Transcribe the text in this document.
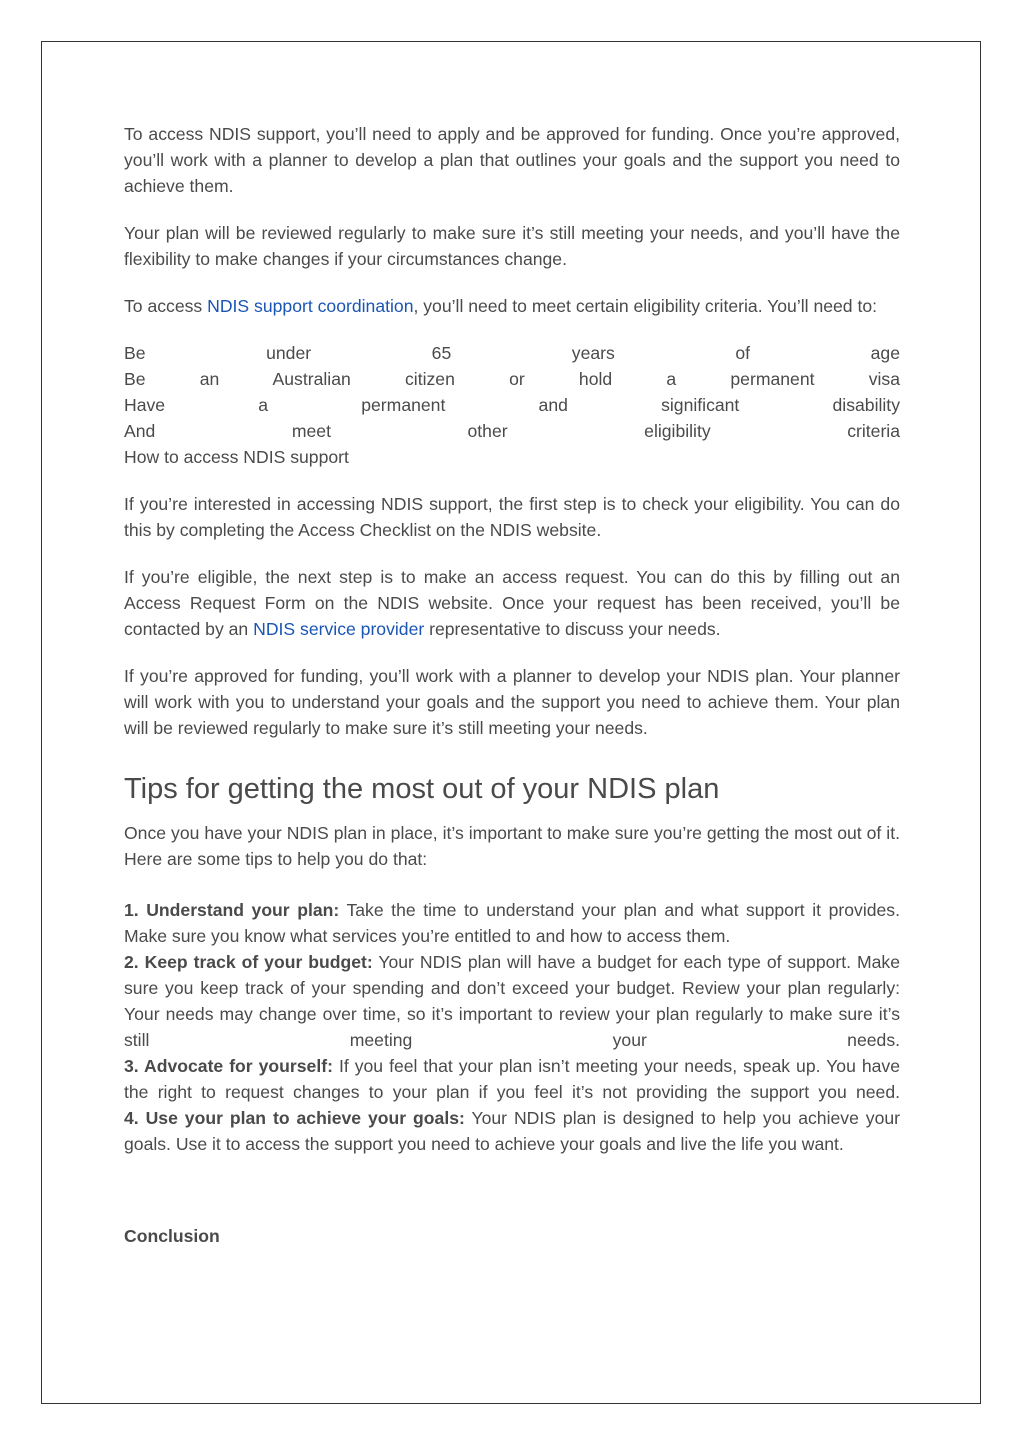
To access NDIS support, you’ll need to apply and be approved for funding. Once you’re approved, you’ll work with a planner to develop a plan that outlines your goals and the support you need to achieve them.

Your plan will be reviewed regularly to make sure it’s still meeting your needs, and you’ll have the flexibility to make changes if your circumstances change.

To access NDIS support coordination, you’ll need to meet certain eligibility criteria. You’ll need to:

Be under 65 years of age
Be an Australian citizen or hold a permanent visa
Have a permanent and significant disability
And meet other eligibility criteria
How to access NDIS support

If you’re interested in accessing NDIS support, the first step is to check your eligibility. You can do this by completing the Access Checklist on the NDIS website.

If you’re eligible, the next step is to make an access request. You can do this by filling out an Access Request Form on the NDIS website. Once your request has been received, you’ll be contacted by an NDIS service provider representative to discuss your needs.

If you’re approved for funding, you’ll work with a planner to develop your NDIS plan. Your planner will work with you to understand your goals and the support you need to achieve them. Your plan will be reviewed regularly to make sure it’s still meeting your needs.

Tips for getting the most out of your NDIS plan

Once you have your NDIS plan in place, it’s important to make sure you’re getting the most out of it. Here are some tips to help you do that:

1. Understand your plan: Take the time to understand your plan and what support it provides. Make sure you know what services you’re entitled to and how to access them.
2. Keep track of your budget: Your NDIS plan will have a budget for each type of support. Make sure you keep track of your spending and don’t exceed your budget. Review your plan regularly: Your needs may change over time, so it’s important to review your plan regularly to make sure it’s still meeting your needs.
3. Advocate for yourself: If you feel that your plan isn’t meeting your needs, speak up. You have the right to request changes to your plan if you feel it’s not providing the support you need.
4. Use your plan to achieve your goals: Your NDIS plan is designed to help you achieve your goals. Use it to access the support you need to achieve your goals and live the life you want.
Conclusion
